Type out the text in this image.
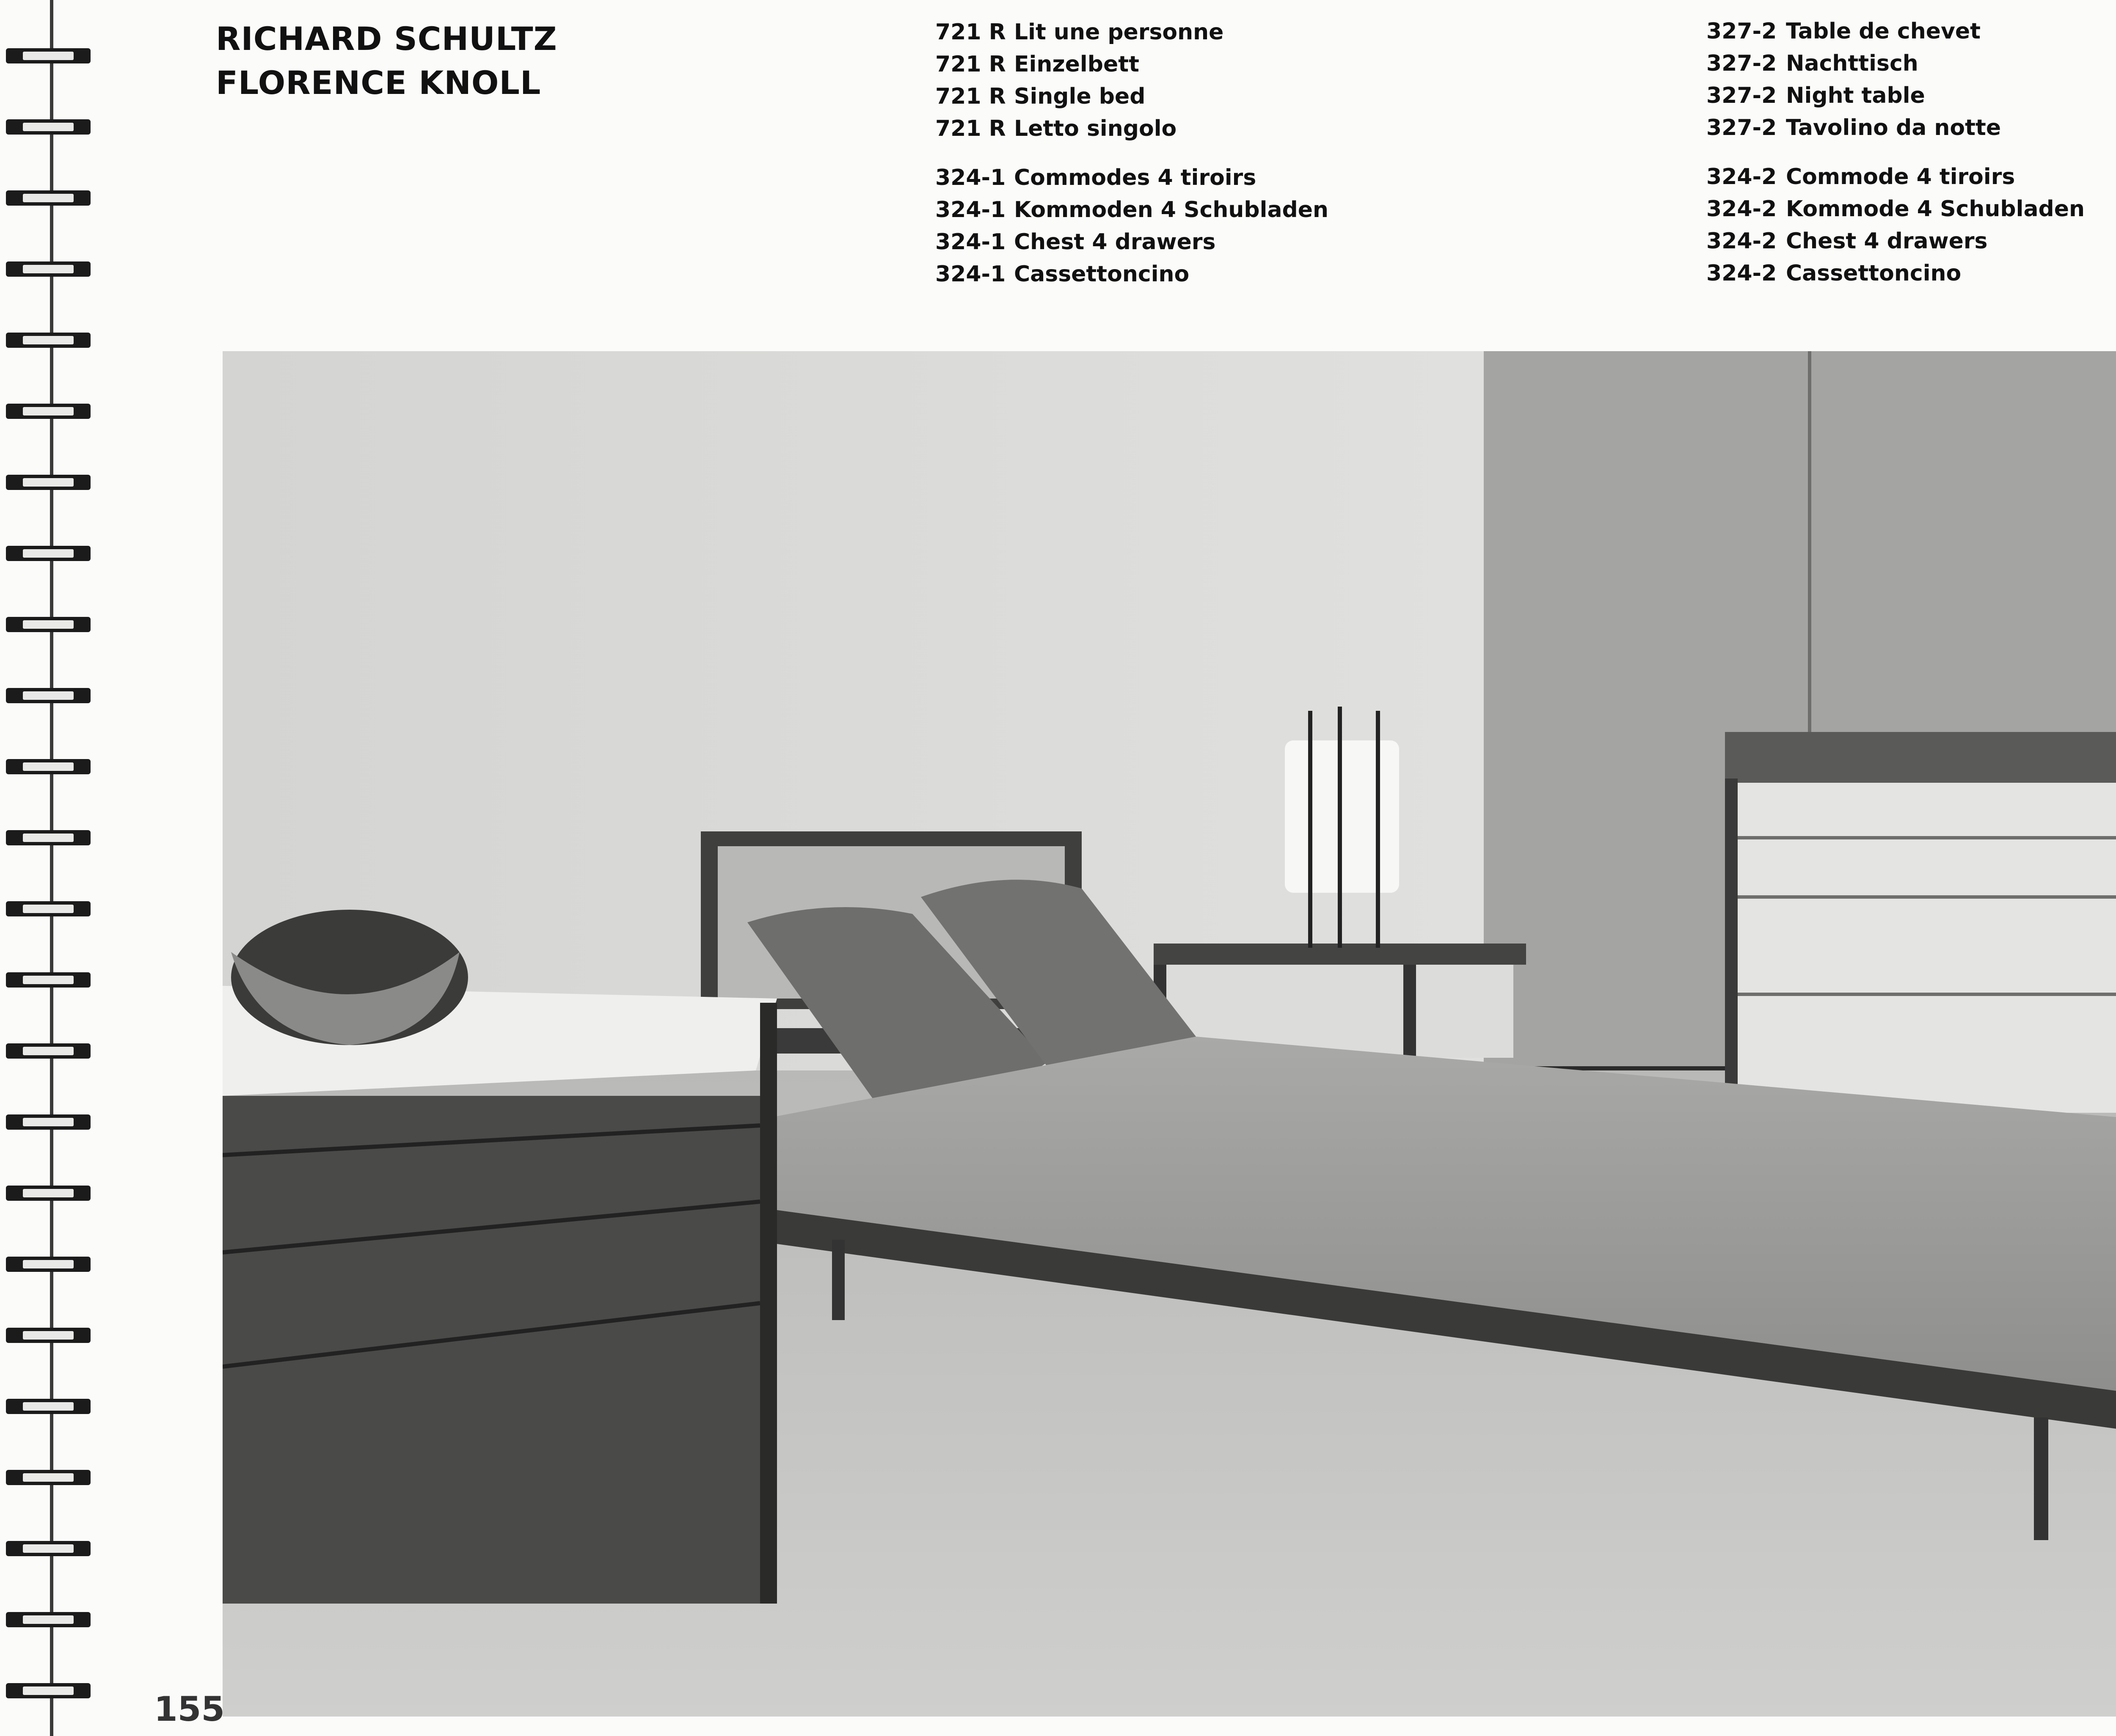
RICHARD SCHULTZ
FLORENCE KNOLL
721 R Lit une personne
721 R Einzelbett
721 R Single bed
721 R Letto singolo
324-1 Commodes 4 tiroirs
324-1 Kommoden 4 Schubladen
324-1 Chest 4 drawers
324-1 Cassettoncino
327-2 Table de chevet
327-2 Nachttisch
327-2 Night table
327-2 Tavolino da notte
324-2 Commode 4 tiroirs
324-2 Kommode 4 Schubladen
324-2 Chest 4 drawers
324-2 Cassettoncino
155
